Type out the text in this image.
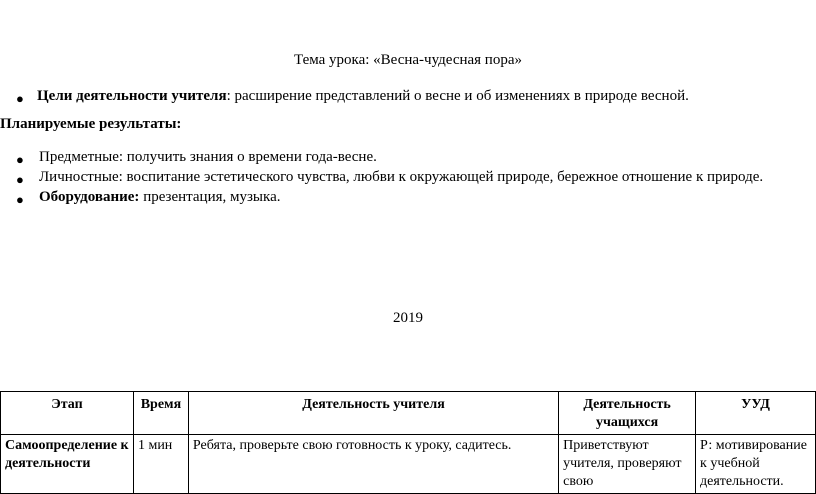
Тема урока: «Весна-чудесная пора»
● Цели деятельности учителя: расширение представлений о весне и об изменениях в природе весной.
Планируемые результаты:
● Предметные: получить знания о времени года-весне.
● Личностные: воспитание эстетического чувства, любви к окружающей природе, бережное отношение к природе.
● Оборудование: презентация, музыка.
2019
Этап	Время	Деятельность учителя	Деятельность учащихся	УУД
Самоопределение к деятельности	1 мин	Ребята, проверьте свою готовность к уроку, садитесь.	Приветствуют учителя, проверяют свою	Р: мотивирование к учебной деятельности.
